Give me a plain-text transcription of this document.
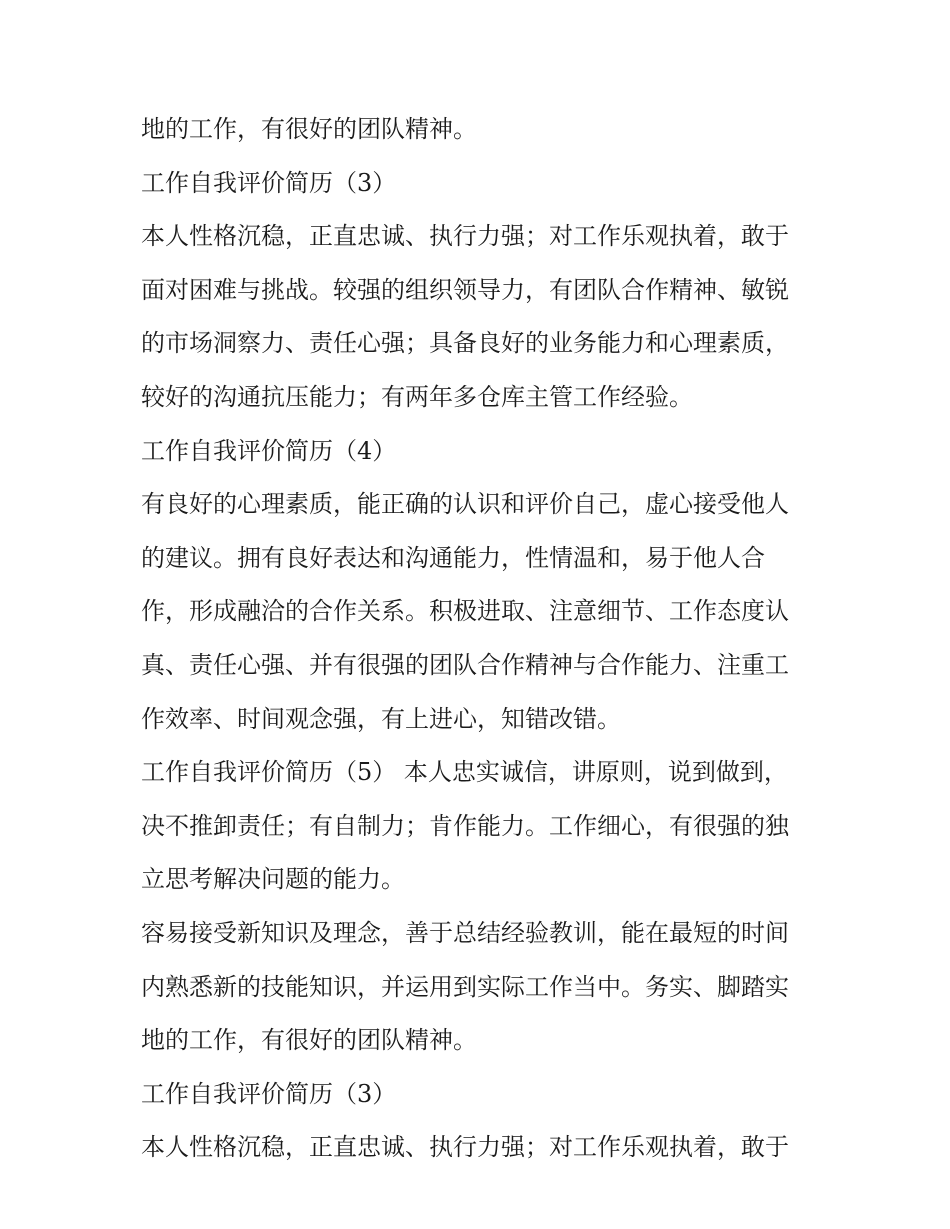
地的工作，有很好的团队精神。
工作自我评价简历（3）
本人性格沉稳，正直忠诚、执行力强；对工作乐观执着，敢于
面对困难与挑战。较强的组织领导力，有团队合作精神、敏锐
的市场洞察力、责任心强；具备良好的业务能力和心理素质，
较好的沟通抗压能力；有两年多仓库主管工作经验。
工作自我评价简历（4）
有良好的心理素质，能正确的认识和评价自己，虚心接受他人
的建议。拥有良好表达和沟通能力，性情温和，易于他人合
作，形成融洽的合作关系。积极进取、注意细节、工作态度认
真、责任心强、并有很强的团队合作精神与合作能力、注重工
作效率、时间观念强，有上进心，知错改错。
工作自我评价简历（5） 本人忠实诚信，讲原则，说到做到，
决不推卸责任；有自制力；肯作能力。工作细心，有很强的独
立思考解决问题的能力。
容易接受新知识及理念，善于总结经验教训，能在最短的时间
内熟悉新的技能知识，并运用到实际工作当中。务实、脚踏实
地的工作，有很好的团队精神。
工作自我评价简历（3）
本人性格沉稳，正直忠诚、执行力强；对工作乐观执着，敢于
